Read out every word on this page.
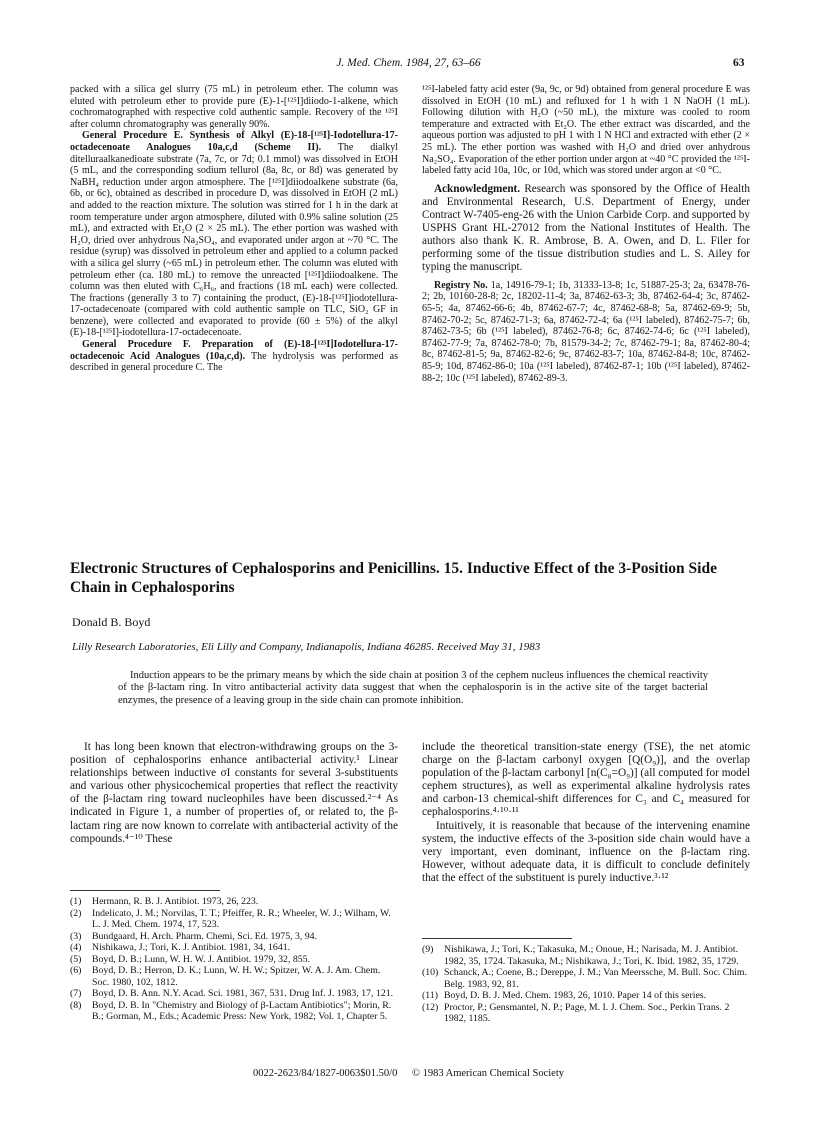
J. Med. Chem. 1984, 27, 63–66	63

packed with a silica gel slurry (75 mL) in petroleum ether. The column was eluted with petroleum ether to provide pure (E)-1-[¹²⁵I]diiodo-1-alkene, which cochromatographed with respective cold authentic sample. Recovery of the ¹²⁵I after column chromatography was generally 90%.

General Procedure E. Synthesis of Alkyl (E)-18-[¹²⁵I]-Iodotellura-17-octadecenoate Analogues 10a,c,d (Scheme II). The dialkyl ditelluraalkanedioate substrate (7a, 7c, or 7d; 0.1 mmol) was dissolved in EtOH (5 mL, and the corresponding sodium tellurol (8a, 8c, or 8d) was generated by NaBH₄ reduction under argon atmosphere. The [¹²⁵I]diiodoalkene substrate (6a, 6b, or 6c), obtained as described in procedure D, was dissolved in EtOH (2 mL) and added to the reaction mixture. The solution was stirred for 1 h in the dark at room temperature under argon atmosphere, diluted with 0.9% saline solution (25 mL), and extracted with Et₂O (2 × 25 mL). The ether portion was washed with H₂O, dried over anhydrous Na₂SO₄, and evaporated under argon at ~70 °C. The residue (syrup) was dissolved in petroleum ether and applied to a column packed with a silica gel slurry (~65 mL) in petroleum ether. The column was eluted with petroleum ether (ca. 180 mL) to remove the unreacted [¹²⁵I]diiodoalkene. The column was then eluted with C₆H₆, and fractions (18 mL each) were collected. The fractions (generally 3 to 7) containing the product, (E)-18-[¹²⁵I]iodotellura-17-octadecenoate (compared with cold authentic sample on TLC, SiO₂ GF in benzene), were collected and evaporated to provide (60 ± 5%) of the alkyl (E)-18-[¹²⁵I]-iodotellura-17-octadecenoate.

General Procedure F. Preparation of (E)-18-[¹²⁵I]Iodotellura-17-octadecenoic Acid Analogues (10a,c,d). The hydrolysis was performed as described in general procedure C. The

¹²⁵I-labeled fatty acid ester (9a, 9c, or 9d) obtained from general procedure E was dissolved in EtOH (10 mL) and refluxed for 1 h with 1 N NaOH (1 mL). Following dilution with H₂O (~50 mL), the mixture was cooled to room temperature and extracted with Et₂O. The ether extract was discarded, and the aqueous portion was adjusted to pH 1 with 1 N HCl and extracted with ether (2 × 25 mL). The ether portion was washed with H₂O and dried over anhydrous Na₂SO₄. Evaporation of the ether portion under argon at ~40 °C provided the ¹²⁵I-labeled fatty acid 10a, 10c, or 10d, which was stored under argon at <0 °C.

Acknowledgment. Research was sponsored by the Office of Health and Environmental Research, U.S. Department of Energy, under Contract W-7405-eng-26 with the Union Carbide Corp. and supported by USPHS Grant HL-27012 from the National Institutes of Health. The authors also thank K. R. Ambrose, B. A. Owen, and D. L. Filer for performing some of the tissue distribution studies and L. S. Ailey for typing the manuscript.

Registry No. 1a, 14916-79-1; 1b, 31333-13-8; 1c, 51887-25-3; 2a, 63478-76-2; 2b, 10160-28-8; 2c, 18202-11-4; 3a, 87462-63-3; 3b, 87462-64-4; 3c, 87462-65-5; 4a, 87462-66-6; 4b, 87462-67-7; 4c, 87462-68-8; 5a, 87462-69-9; 5b, 87462-70-2; 5c, 87462-71-3; 6a, 87462-72-4; 6a (¹²⁵I labeled), 87462-75-7; 6b, 87462-73-5; 6b (¹²⁵I labeled), 87462-76-8; 6c, 87462-74-6; 6c (¹²⁵I labeled), 87462-77-9; 7a, 87462-78-0; 7b, 81579-34-2; 7c, 87462-79-1; 8a, 87462-80-4; 8c, 87462-81-5; 9a, 87462-82-6; 9c, 87462-83-7; 10a, 87462-84-8; 10c, 87462-85-9; 10d, 87462-86-0; 10a (¹²⁵I labeled), 87462-87-1; 10b (¹²⁵I labeled), 87462-88-2; 10c (¹²⁵I labeled), 87462-89-3.

Electronic Structures of Cephalosporins and Penicillins. 15. Inductive Effect of the 3-Position Side Chain in Cephalosporins
Donald B. Boyd
Lilly Research Laboratories, Eli Lilly and Company, Indianapolis, Indiana 46285. Received May 31, 1983
Induction appears to be the primary means by which the side chain at position 3 of the cephem nucleus influences the chemical reactivity of the β-lactam ring. In vitro antibacterial activity data suggest that when the cephalosporin is in the active site of the target bacterial enzymes, the presence of a leaving group in the side chain can promote inhibition.
It has long been known that electron-withdrawing groups on the 3-position of cephalosporins enhance antibacterial activity.¹ Linear relationships between inductive σI constants for several 3-substituents and various other physicochemical properties that reflect the reactivity of the β-lactam ring toward nucleophiles have been discussed.²⁻⁴ As indicated in Figure 1, a number of properties of, or related to, the β-lactam ring are now known to correlate with antibacterial activity of the compounds.⁴⁻¹⁰ These

include the theoretical transition-state energy (TSE), the net atomic charge on the β-lactam carbonyl oxygen [Q(O₉)], and the overlap population of the β-lactam carbonyl [n(C₈=O₉)] (all computed for model cephem structures), as well as experimental alkaline hydrolysis rates and carbon-13 chemical-shift differences for C₃ and C₄ measured for cephalosporins.⁴·¹⁰·¹¹

Intuitively, it is reasonable that because of the intervening enamine system, the inductive effects of the 3-position side chain would have a very important, even dominant, influence on the β-lactam ring. However, without adequate data, it is difficult to conclude definitely that the effect of the substituent is purely inductive.³·¹²

(1)	Hermann, R. B. J. Antibiot. 1973, 26, 223.
(2)	Indelicato, J. M.; Norvilas, T. T.; Pfeiffer, R. R.; Wheeler, W. J.; Wilham, W. L. J. Med. Chem. 1974, 17, 523.
(3)	Bundgaard, H. Arch. Pharm. Chemi, Sci. Ed. 1975, 3, 94.
(4)	Nishikawa, J.; Tori, K. J. Antibiot. 1981, 34, 1641.
(5)	Boyd, D. B.; Lunn, W. H. W. J. Antibiot. 1979, 32, 855.
(6)	Boyd, D. B.; Herron, D. K.; Lunn, W. H. W.; Spitzer, W. A. J. Am. Chem. Soc. 1980, 102, 1812.
(7)	Boyd, D. B. Ann. N.Y. Acad. Sci. 1981, 367, 531. Drug Inf. J. 1983, 17, 121.
(8)	Boyd, D. B. In "Chemistry and Biology of β-Lactam Antibiotics"; Morin, R. B.; Gorman, M., Eds.; Academic Press: New York, 1982; Vol. 1, Chapter 5.
(9)	Nishikawa, J.; Tori, K.; Takasuka, M.; Onoue, H.; Narisada, M. J. Antibiot. 1982, 35, 1724. Takasuka, M.; Nishikawa, J.; Tori, K. Ibid. 1982, 35, 1729.
(10) Schanck, A.; Coene, B.; Dereppe, J. M.; Van Meerssche, M. Bull. Soc. Chim. Belg. 1983, 92, 81.
(11) Boyd, D. B. J. Med. Chem. 1983, 26, 1010. Paper 14 of this series.
(12) Proctor, P.; Gensmantel, N. P.; Page, M. I. J. Chem. Soc., Perkin Trans. 2 1982, 1185.
0022-2623/84/1827-0063$01.50/0 © 1983 American Chemical Society
